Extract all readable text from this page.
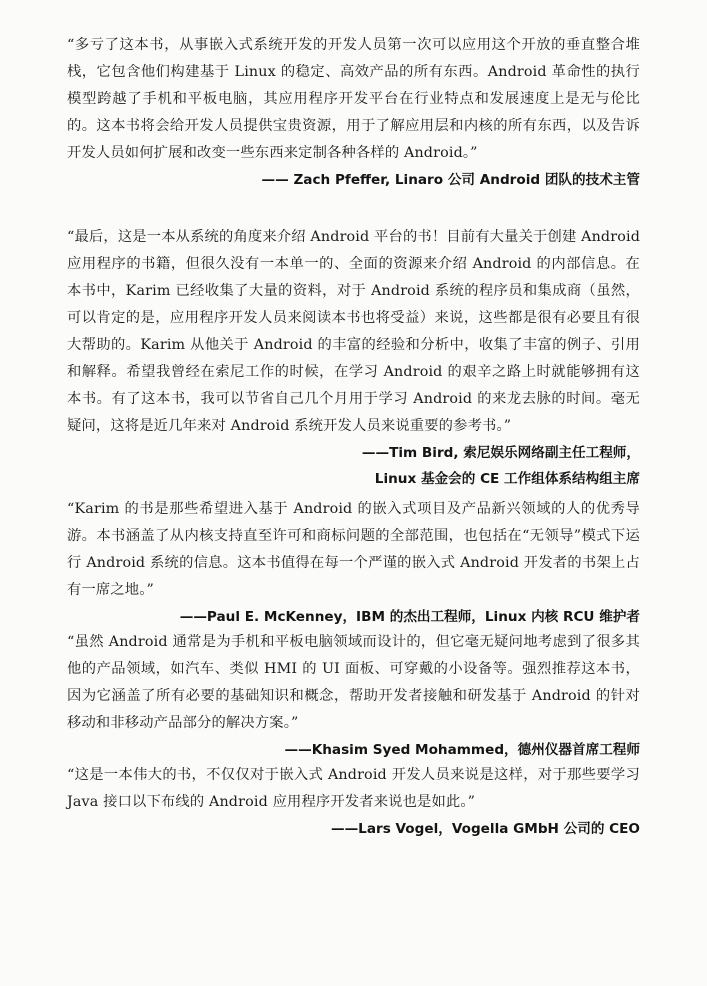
“多亏了这本书，从事嵌入式系统开发的开发人员第一次可以应用这个开放的垂直整合堆栈，它包含他们构建基于 Linux 的稳定、高效产品的所有东西。Android 革命性的执行模型跨越了手机和平板电脑，其应用程序开发平台在行业特点和发展速度上是无与伦比的。这本书将会给开发人员提供宝贵资源，用于了解应用层和内核的所有东西，以及告诉开发人员如何扩展和改变一些东西来定制各种各样的 Android。”

—— Zach Pfeffer, Linaro 公司 Android 团队的技术主管

“最后，这是一本从系统的角度来介绍 Android 平台的书！目前有大量关于创建 Android 应用程序的书籍，但很久没有一本单一的、全面的资源来介绍 Android 的内部信息。在本书中，Karim 已经收集了大量的资料，对于 Android 系统的程序员和集成商（虽然，可以肯定的是，应用程序开发人员来阅读本书也将受益）来说，这些都是很有必要且有很大帮助的。Karim 从他关于 Android 的丰富的经验和分析中，收集了丰富的例子、引用和解释。希望我曾经在索尼工作的时候，在学习 Android 的艰辛之路上时就能够拥有这本书。有了这本书，我可以节省自己几个月用于学习 Android 的来龙去脉的时间。毫无疑问，这将是近几年来对 Android 系统开发人员来说重要的参考书。”

——Tim Bird, 索尼娱乐网络副主任工程师，

Linux 基金会的 CE 工作组体系结构组主席

“Karim 的书是那些希望进入基于 Android 的嵌入式项目及产品新兴领域的人的优秀导游。本书涵盖了从内核支持直至许可和商标问题的全部范围，也包括在“无领导”模式下运行 Android 系统的信息。这本书值得在每一个严谨的嵌入式 Android 开发者的书架上占有一席之地。”

——Paul E. McKenney，IBM 的杰出工程师，Linux 内核 RCU 维护者

“虽然 Android 通常是为手机和平板电脑领域而设计的，但它毫无疑问地考虑到了很多其他的产品领域，如汽车、类似 HMI 的 UI 面板、可穿戴的小设备等。强烈推荐这本书，因为它涵盖了所有必要的基础知识和概念，帮助开发者接触和研发基于 Android 的针对移动和非移动产品部分的解决方案。”

——Khasim Syed Mohammed，德州仪器首席工程师

“这是一本伟大的书，不仅仅对于嵌入式 Android 开发人员来说是这样，对于那些要学习 Java 接口以下布线的 Android 应用程序开发者来说也是如此。”

——Lars Vogel，Vogella GMbH 公司的 CEO
